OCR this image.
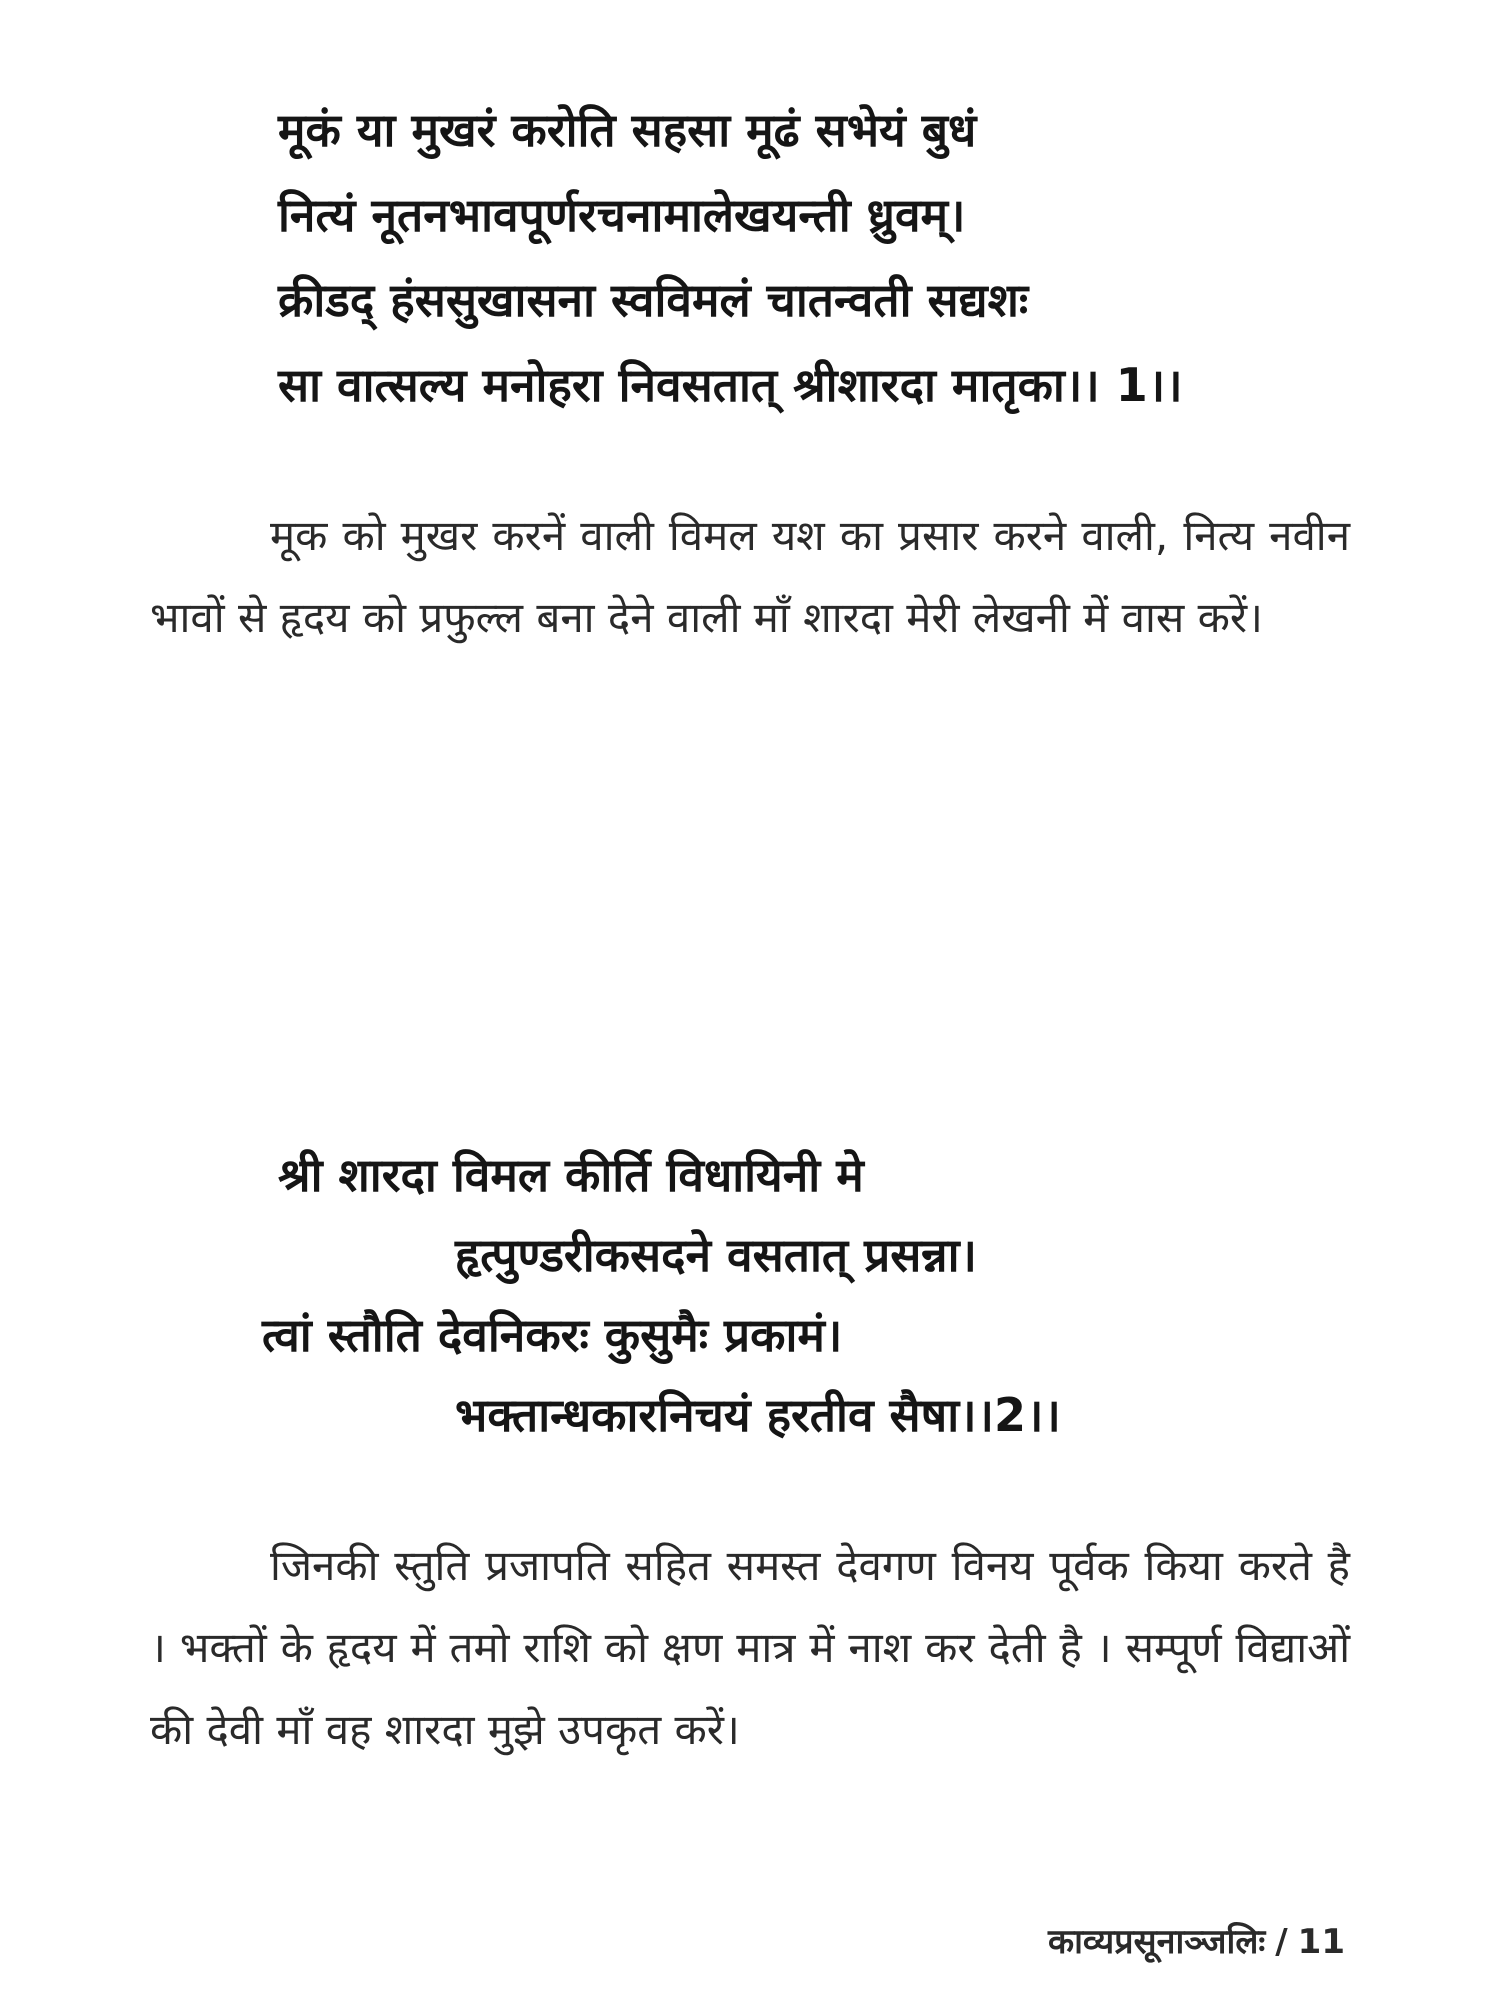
मूकं या मुखरं करोति सहसा मूढं सभेयं बुधं
नित्यं नूतनभावपूर्णरचनामालेखयन्ती ध्रुवम्।
क्रीडद् हंससुखासना स्वविमलं चातन्वती सद्यशः
सा वात्सल्य मनोहरा निवसतात् श्रीशारदा मातृका।। 1।।

मूक को मुखर करनें वाली विमल यश का प्रसार करने वाली, नित्य नवीन भावों से हृदय को प्रफुल्ल बना देने वाली माँ शारदा मेरी लेखनी में वास करें।

श्री शारदा विमल कीर्ति विधायिनी मे
हृत्पुण्डरीकसदने वसतात् प्रसन्ना।
त्वां स्तौति देवनिकरः कुसुमैः प्रकामं।
भक्तान्धकारनिचयं हरतीव सैषा।।2।।

जिनकी स्तुति प्रजापति सहित समस्त देवगण विनय पूर्वक किया करते है । भक्तों के हृदय में तमो राशि को क्षण मात्र में नाश कर देती है । सम्पूर्ण विद्याओं की देवी माँ वह शारदा मुझे उपकृत करें।

काव्यप्रसूनाञ्जलिः / 11
